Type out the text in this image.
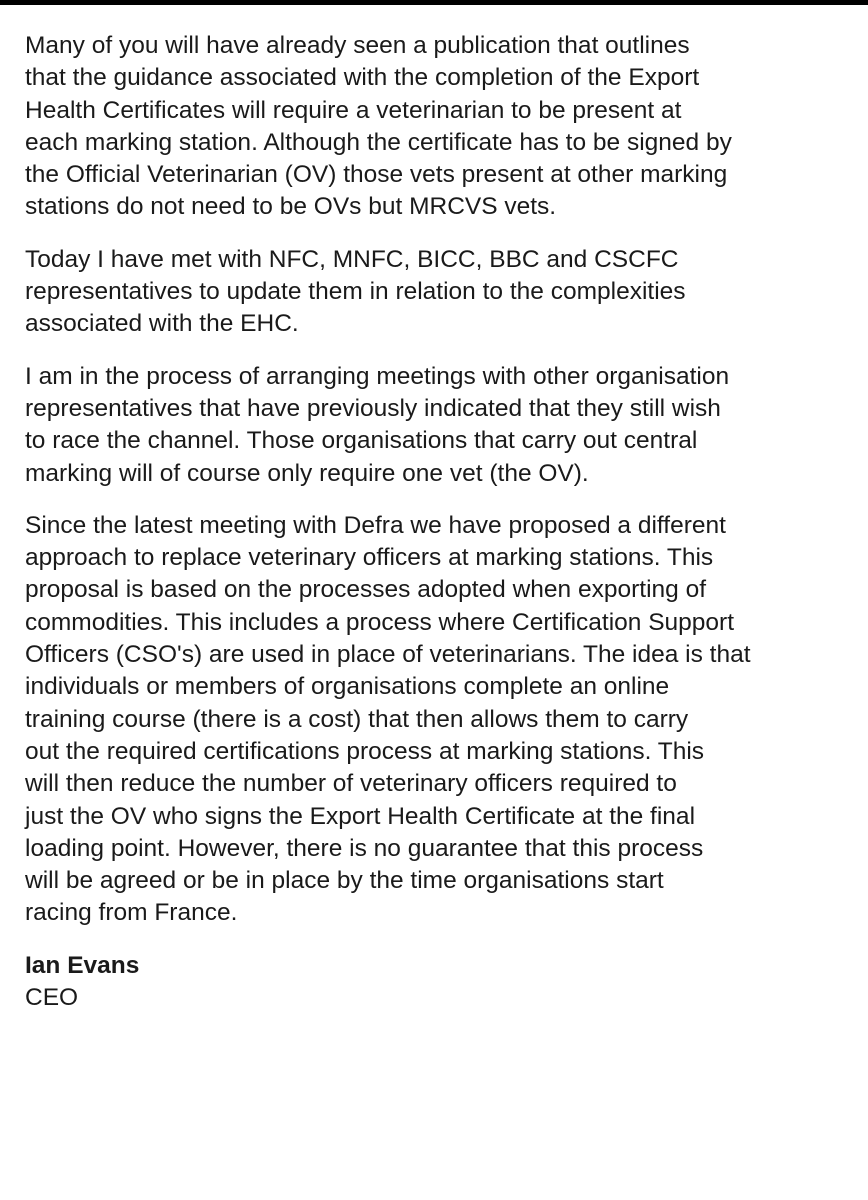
Many of you will have already seen a publication that outlines
that the guidance associated with the completion of the Export
Health Certificates will require a veterinarian to be present at
each marking station. Although the certificate has to be signed by
the Official Veterinarian (OV) those vets present at other marking
stations do not need to be OVs but MRCVS vets.
Today I have met with NFC, MNFC, BICC, BBC and CSCFC
representatives to update them in relation to the complexities
associated with the EHC.
I am in the process of arranging meetings with other organisation
representatives that have previously indicated that they still wish
to race the channel. Those organisations that carry out central
marking will of course only require one vet (the OV).
Since the latest meeting with Defra we have proposed a different
approach to replace veterinary officers at marking stations. This
proposal is based on the processes adopted when exporting of
commodities. This includes a process where Certification Support
Officers (CSO's) are used in place of veterinarians. The idea is that
individuals or members of organisations complete an online
training course (there is a cost) that then allows them to carry
out the required certifications process at marking stations. This
will then reduce the number of veterinary officers required to
just the OV who signs the Export Health Certificate at the final
loading point. However, there is no guarantee that this process
will be agreed or be in place by the time organisations start
racing from France.
Ian Evans
CEO
